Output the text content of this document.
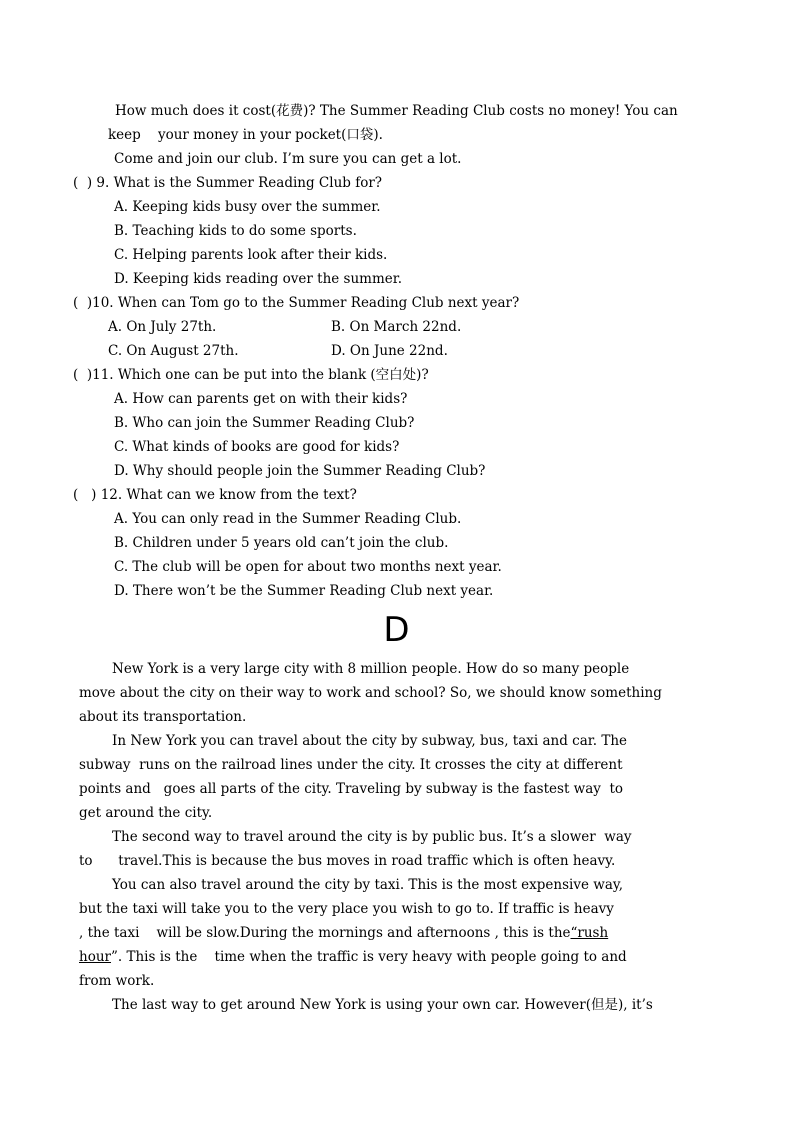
How much does it cost(花费)? The Summer Reading Club costs no money! You can
keep    your money in your pocket(口袋).
Come and join our club. I’m sure you can get a lot.
(  ) 9. What is the Summer Reading Club for?
A. Keeping kids busy over the summer.
B. Teaching kids to do some sports.
C. Helping parents look after their kids.
D. Keeping kids reading over the summer.
(  )10. When can Tom go to the Summer Reading Club next year?
A. On July 27th.	B. On March 22nd.
C. On August 27th.	D. On June 22nd.
(  )11. Which one can be put into the blank (空白处)?
A. How can parents get on with their kids?
B. Who can join the Summer Reading Club?
C. What kinds of books are good for kids?
D. Why should people join the Summer Reading Club?
(   ) 12. What can we know from the text?
A. You can only read in the Summer Reading Club.
B. Children under 5 years old can’t join the club.
C. The club will be open for about two months next year.
D. There won’t be the Summer Reading Club next year.
D
New York is a very large city with 8 million people. How do so many people
move about the city on their way to work and school? So, we should know something
about its transportation.
In New York you can travel about the city by subway, bus, taxi and car. The
subway  runs on the railroad lines under the city. It crosses the city at different
points and   goes all parts of the city. Traveling by subway is the fastest way  to
get around the city.
The second way to travel around the city is by public bus. It’s a slower  way
to      travel.This is because the bus moves in road traffic which is often heavy.
You can also travel around the city by taxi. This is the most expensive way,
but the taxi will take you to the very place you wish to go to. If traffic is heavy
, the taxi    will be slow.During the mornings and afternoons , this is the“rush
hour”. This is the    time when the traffic is very heavy with people going to and
from work.
The last way to get around New York is using your own car. However(但是), it’s
